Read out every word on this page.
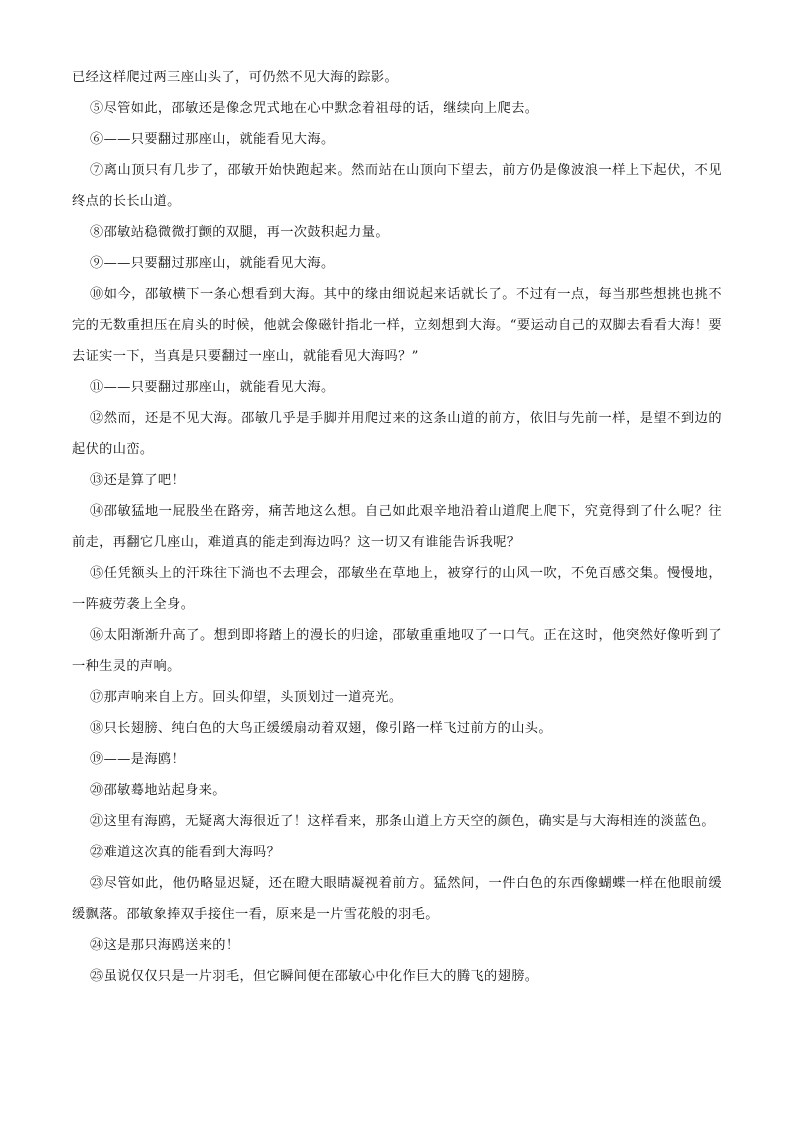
已经这样爬过两三座山头了，可仍然不见大海的踪影。

⑤尽管如此，邵敏还是像念咒式地在心中默念着祖母的话，继续向上爬去。

⑥——只要翻过那座山，就能看见大海。

⑦离山顶只有几步了，邵敏开始快跑起来。然而站在山顶向下望去，前方仍是像波浪一样上下起伏，不见终点的长长山道。

⑧邵敏站稳微微打颤的双腿，再一次鼓积起力量。

⑨——只要翻过那座山，就能看见大海。

⑩如今，邵敏横下一条心想看到大海。其中的缘由细说起来话就长了。不过有一点，每当那些想挑也挑不完的无数重担压在肩头的时候，他就会像磁针指北一样，立刻想到大海。“要运动自己的双脚去看看大海！要去证实一下，当真是只要翻过一座山，就能看见大海吗？”

⑪——只要翻过那座山，就能看见大海。

⑫然而，还是不见大海。邵敏几乎是手脚并用爬过来的这条山道的前方，依旧与先前一样，是望不到边的起伏的山峦。

⑬还是算了吧！

⑭邵敏猛地一屁股坐在路旁，痛苦地这么想。自己如此艰辛地沿着山道爬上爬下，究竟得到了什么呢？往前走，再翻它几座山，难道真的能走到海边吗？这一切又有谁能告诉我呢？

⑮任凭额头上的汗珠往下淌也不去理会，邵敏坐在草地上，被穿行的山风一吹，不免百感交集。慢慢地，一阵疲劳袭上全身。

⑯太阳渐渐升高了。想到即将踏上的漫长的归途，邵敏重重地叹了一口气。正在这时，他突然好像听到了一种生灵的声响。

⑰那声响来自上方。回头仰望，头顶划过一道亮光。

⑱只长翅膀、纯白色的大鸟正缓缓扇动着双翅，像引路一样飞过前方的山头。

⑲——是海鸥！

⑳邵敏蓦地站起身来。

㉑这里有海鸥，无疑离大海很近了！这样看来，那条山道上方天空的颜色，确实是与大海相连的淡蓝色。

㉒难道这次真的能看到大海吗？

㉓尽管如此，他仍略显迟疑，还在瞪大眼睛凝视着前方。猛然间，一件白色的东西像蝴蝶一样在他眼前缓缓飘落。邵敏象捧双手接住一看，原来是一片雪花般的羽毛。

㉔这是那只海鸥送来的！

㉕虽说仅仅只是一片羽毛，但它瞬间便在邵敏心中化作巨大的腾飞的翅膀。
